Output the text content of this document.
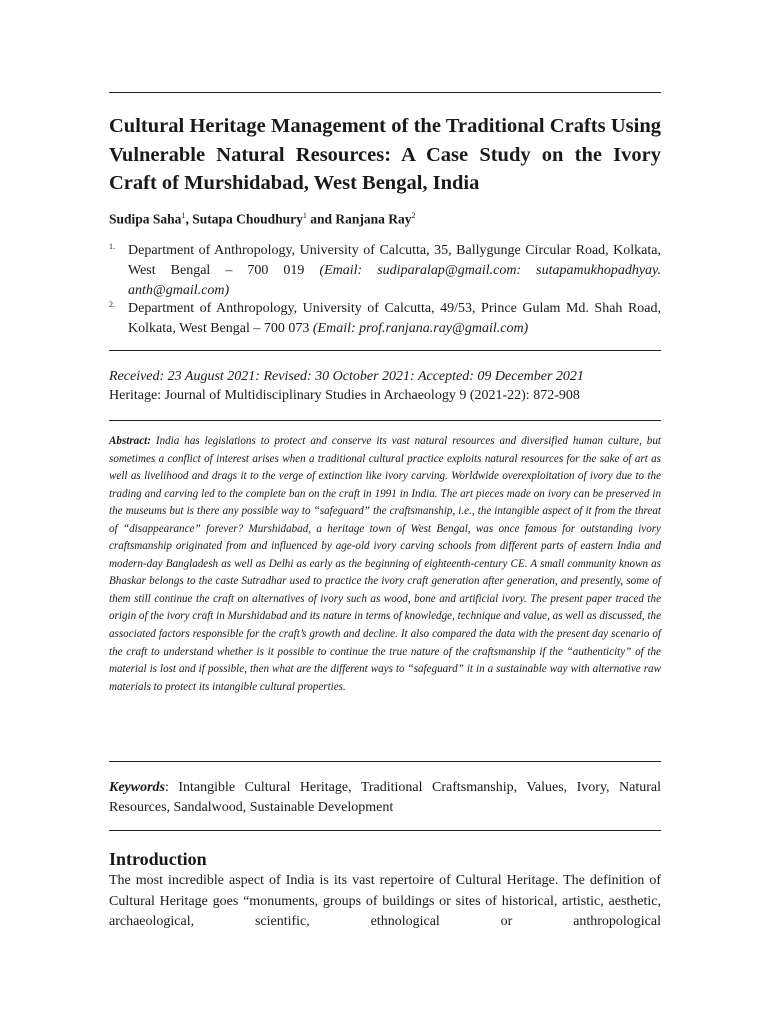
Cultural Heritage Management of the Traditional Crafts Using Vulnerable Natural Resources: A Case Study on the Ivory Craft of Murshidabad, West Bengal, India
Sudipa Saha$^1$, Sutapa Choudhury$^1$ and Ranjana Ray$^2$
1. Department of Anthropology, University of Calcutta, 35, Ballygunge Circular Road, Kolkata, West Bengal – 700 019 (Email: sudiparalap@gmail.com: sutapamukhopadhyay. anth@gmail.com)
2. Department of Anthropology, University of Calcutta, 49/53, Prince Gulam Md. Shah Road, Kolkata, West Bengal – 700 073 (Email: prof.ranjana.ray@gmail.com)
Received: 23 August 2021: Revised: 30 October 2021: Accepted: 09 December 2021
Heritage: Journal of Multidisciplinary Studies in Archaeology 9 (2021-22): 872-908

Abstract: India has legislations to protect and conserve its vast natural resources and diversified human culture, but sometimes a conflict of interest arises when a traditional cultural practice exploits natural resources for the sake of art as well as livelihood and drags it to the verge of extinction like ivory carving. Worldwide overexploitation of ivory due to the trading and carving led to the complete ban on the craft in 1991 in India. The art pieces made on ivory can be preserved in the museums but is there any possible way to “safeguard” the craftsmanship, i.e., the intangible aspect of it from the threat of “disappearance” forever? Murshidabad, a heritage town of West Bengal, was once famous for outstanding ivory craftsmanship originated from and influenced by age-old ivory carving schools from different parts of eastern India and modern-day Bangladesh as well as Delhi as early as the beginning of eighteenth-century CE. A small community known as Bhaskar belongs to the caste Sutradhar used to practice the ivory craft generation after generation, and presently, some of them still continue the craft on alternatives of ivory such as wood, bone and artificial ivory. The present paper traced the origin of the ivory craft in Murshidabad and its nature in terms of knowledge, technique and value, as well as discussed, the associated factors responsible for the craft’s growth and decline. It also compared the data with the present day scenario of the craft to understand whether is it possible to continue the true nature of the craftsmanship if the “authenticity” of the material is lost and if possible, then what are the different ways to “safeguard” it in a sustainable way with alternative raw materials to protect its intangible cultural properties.

Keywords: Intangible Cultural Heritage, Traditional Craftsmanship, Values, Ivory, Natural Resources, Sandalwood, Sustainable Development

Introduction

The most incredible aspect of India is its vast repertoire of Cultural Heritage. The definition of Cultural Heritage goes “monuments, groups of buildings or sites of historical, artistic, aesthetic, archaeological, scientific, ethnological or anthropological
